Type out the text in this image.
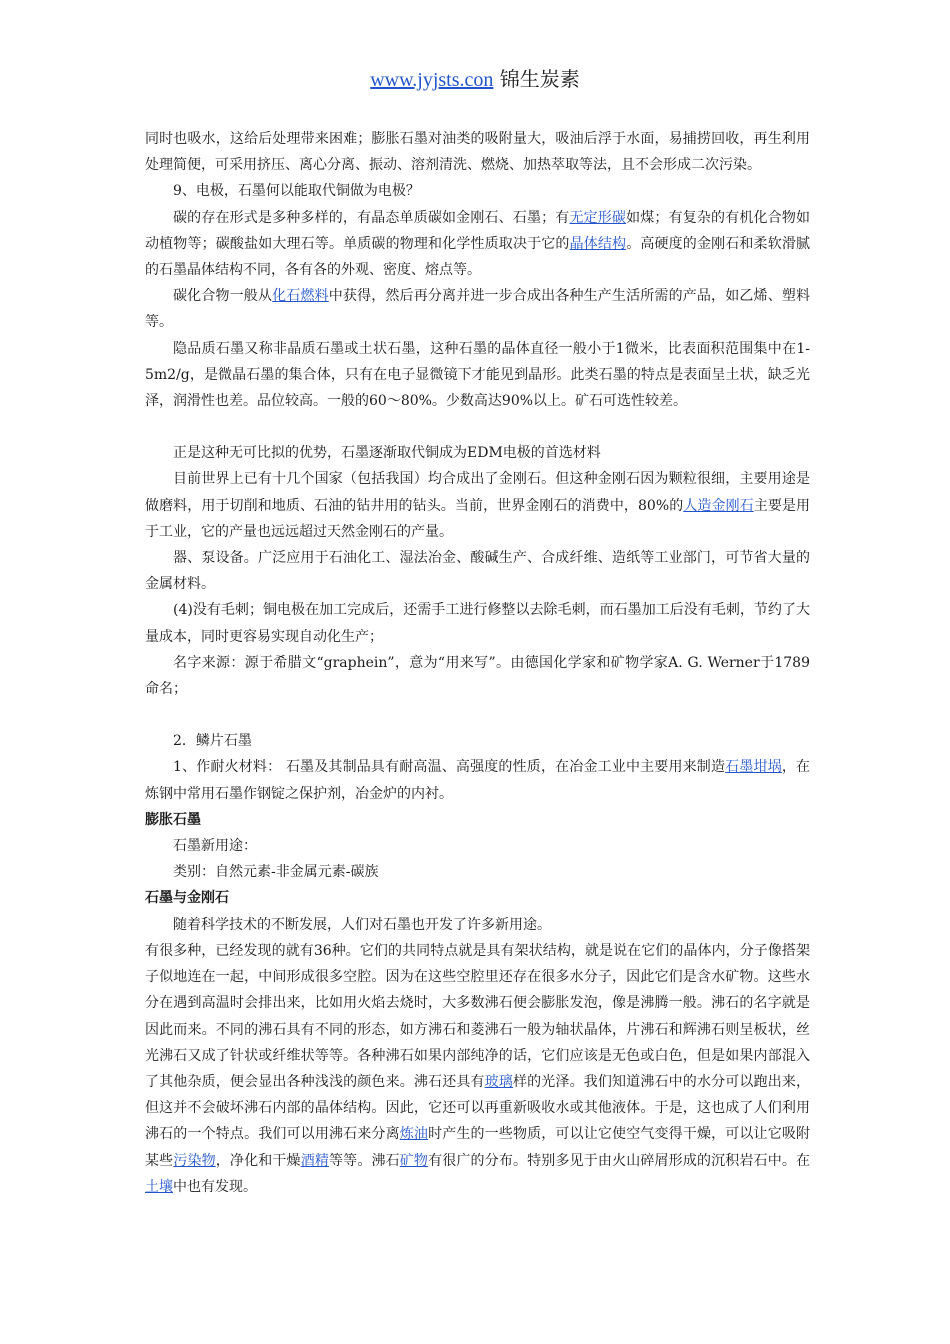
www.jyjsts.con 锦生炭素

同时也吸水，这给后处理带来困难；膨胀石墨对油类的吸附量大，吸油后浮于水面，易捕捞回收，再生利用处理简便，可采用挤压、离心分离、振动、溶剂清洗、燃烧、加热萃取等法，且不会形成二次污染。

9、电极，石墨何以能取代铜做为电极？

碳的存在形式是多种多样的，有晶态单质碳如金刚石、石墨；有无定形碳如煤；有复杂的有机化合物如动植物等；碳酸盐如大理石等。单质碳的物理和化学性质取决于它的晶体结构。高硬度的金刚石和柔软滑腻的石墨晶体结构不同，各有各的外观、密度、熔点等。

碳化合物一般从化石燃料中获得，然后再分离并进一步合成出各种生产生活所需的产品，如乙烯、塑料等。

隐品质石墨又称非晶质石墨或土状石墨，这种石墨的晶体直径一般小于1微米，比表面积范围集中在1-5m2/g，是微晶石墨的集合体，只有在电子显微镜下才能见到晶形。此类石墨的特点是表面呈土状，缺乏光泽，润滑性也差。品位较高。一般的60～80%。少数高达90%以上。矿石可选性较差。

正是这种无可比拟的优势，石墨逐渐取代铜成为EDM电极的首选材料

目前世界上已有十几个国家（包括我国）均合成出了金刚石。但这种金刚石因为颗粒很细，主要用途是做磨料，用于切削和地质、石油的钻井用的钻头。当前，世界金刚石的消费中，80%的人造金刚石主要是用于工业，它的产量也远远超过天然金刚石的产量。

器、泵设备。广泛应用于石油化工、湿法冶金、酸碱生产、合成纤维、造纸等工业部门，可节省大量的金属材料。

(4)没有毛刺；铜电极在加工完成后，还需手工进行修整以去除毛刺，而石墨加工后没有毛刺，节约了大量成本，同时更容易实现自动化生产；

名字来源：源于希腊文“graphein”，意为“用来写”。由德国化学家和矿物学家A. G. Werner于1789命名；

2．鳞片石墨

1、作耐火材料： 石墨及其制品具有耐高温、高强度的性质，在冶金工业中主要用来制造石墨坩埚，在炼钢中常用石墨作钢锭之保护剂，冶金炉的内衬。

膨胀石墨

石墨新用途：

类别：自然元素-非金属元素-碳族

石墨与金刚石

随着科学技术的不断发展，人们对石墨也开发了许多新用途。

有很多种，已经发现的就有36种。它们的共同特点就是具有架状结构，就是说在它们的晶体内，分子像搭架子似地连在一起，中间形成很多空腔。因为在这些空腔里还存在很多水分子，因此它们是含水矿物。这些水分在遇到高温时会排出来，比如用火焰去烧时，大多数沸石便会膨胀发泡，像是沸腾一般。沸石的名字就是因此而来。不同的沸石具有不同的形态，如方沸石和菱沸石一般为轴状晶体，片沸石和辉沸石则呈板状，丝光沸石又成了针状或纤维状等等。各种沸石如果内部纯净的话，它们应该是无色或白色，但是如果内部混入了其他杂质，便会显出各种浅浅的颜色来。沸石还具有玻璃样的光泽。我们知道沸石中的水分可以跑出来，但这并不会破坏沸石内部的晶体结构。因此，它还可以再重新吸收水或其他液体。于是，这也成了人们利用沸石的一个特点。我们可以用沸石来分离炼油时产生的一些物质，可以让它使空气变得干燥，可以让它吸附某些污染物，净化和干燥酒精等等。沸石矿物有很广的分布。特别多见于由火山碎屑形成的沉积岩石中。在土壤中也有发现。
